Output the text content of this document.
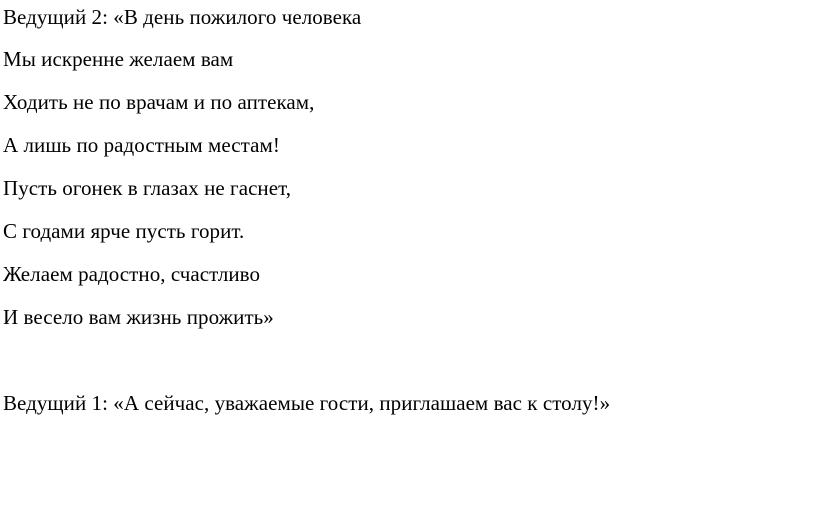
Ведущий 2: «В день пожилого человека
Мы искренне желаем вам
Ходить не по врачам и по аптекам,
А лишь по радостным местам!
Пусть огонек в глазах не гаснет,
С годами ярче пусть горит.
Желаем радостно, счастливо
И весело вам жизнь прожить»
Ведущий 1: «А сейчас, уважаемые гости, приглашаем вас к столу!»
